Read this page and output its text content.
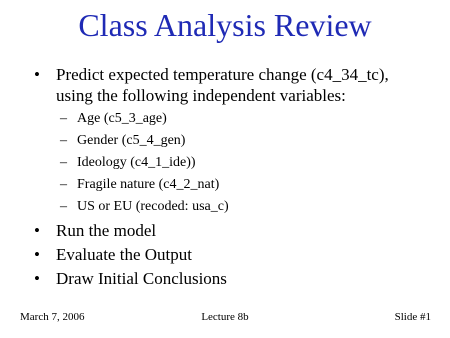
Class Analysis Review
• Predict expected temperature change (c4_34_tc),
using the following independent variables:
– Age (c5_3_age)
– Gender (c5_4_gen)
– Ideology (c4_1_ide))
– Fragile nature (c4_2_nat)
– US or EU (recoded: usa_c)
• Run the model
• Evaluate the Output
• Draw Initial Conclusions
March 7, 2006	Lecture 8b	Slide #1
